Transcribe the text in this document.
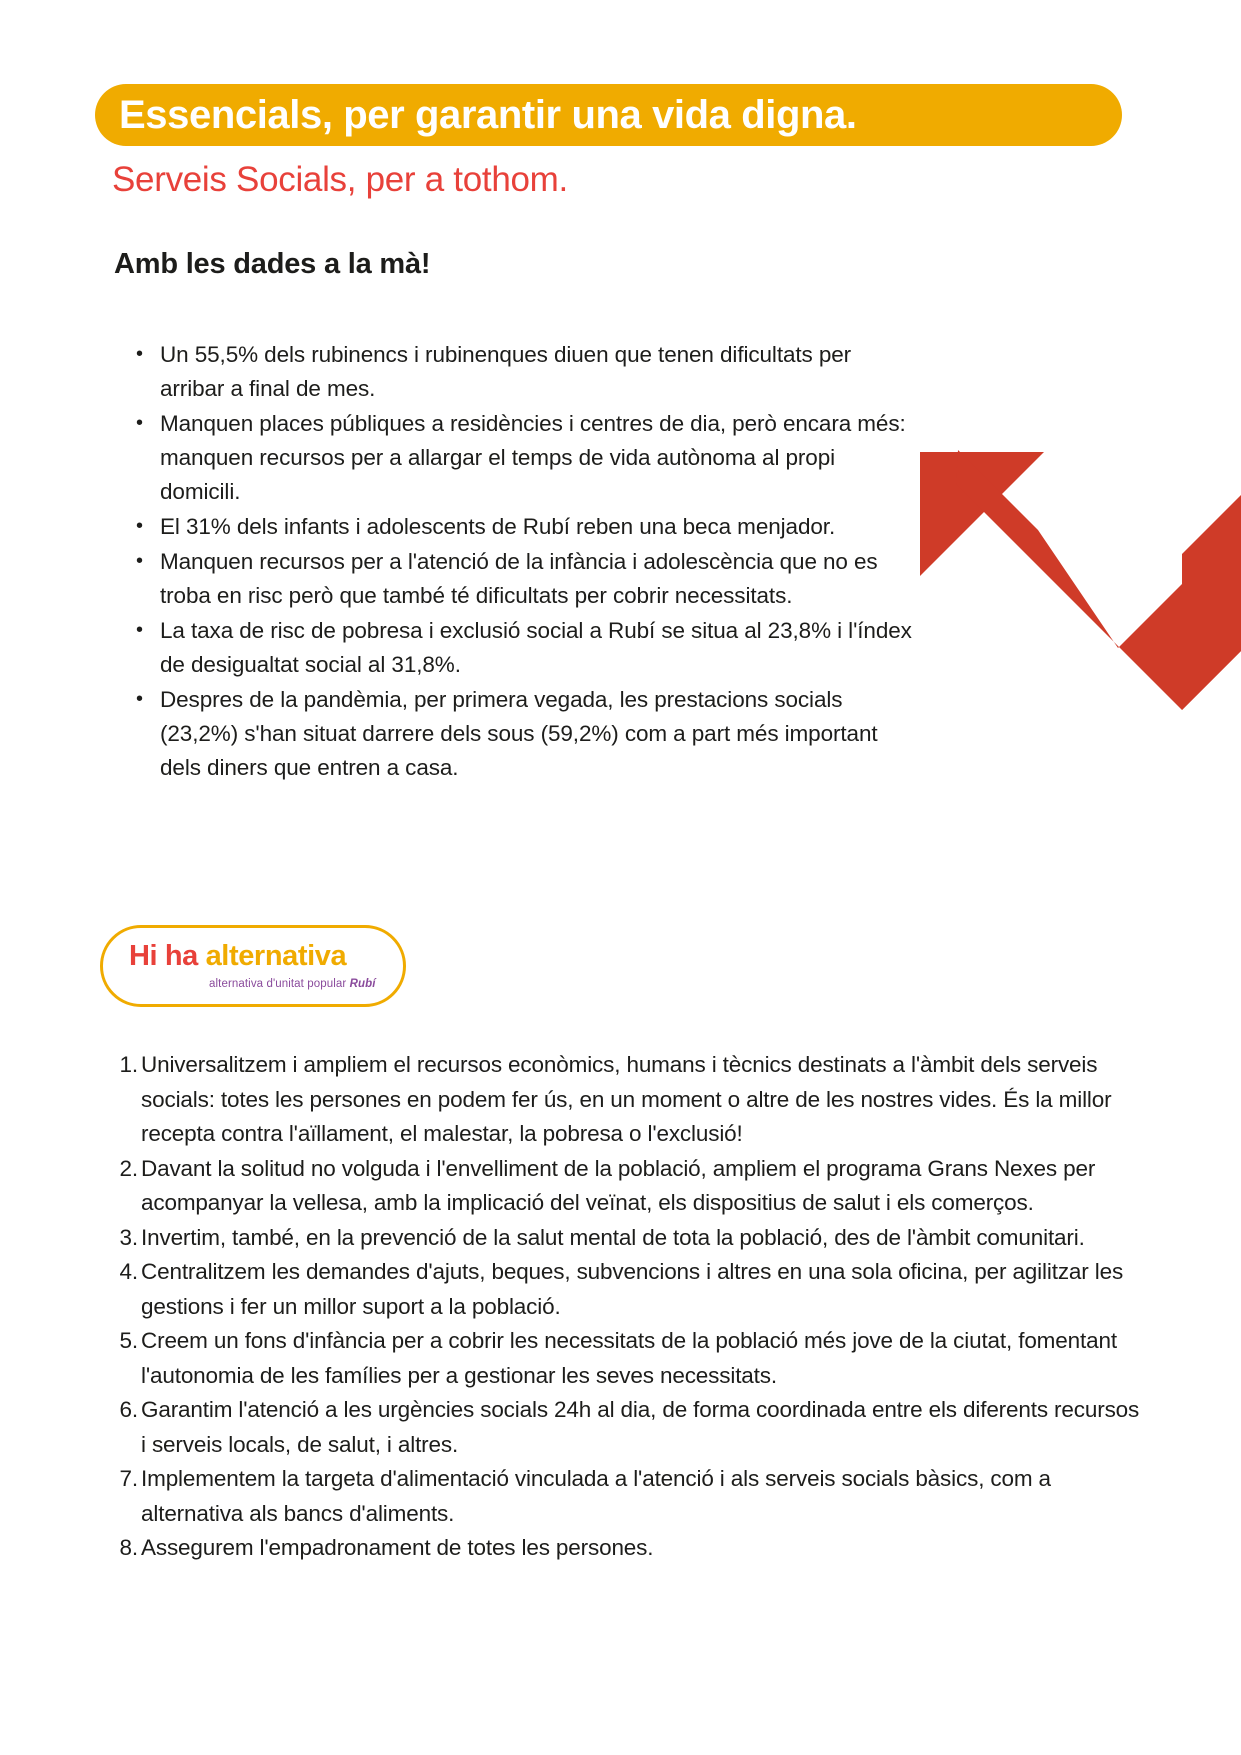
Essencials, per garantir una vida digna.
Serveis Socials, per a tothom.
Amb les dades a la mà!
• Un 55,5% dels rubinencs i rubinenques diuen que tenen dificultats per arribar a final de mes.
• Manquen places públiques a residències i centres de dia, però encara més: manquen recursos per a allargar el temps de vida autònoma al propi domicili.
• El 31% dels infants i adolescents de Rubí reben una beca menjador.
• Manquen recursos per a l'atenció de la infància i adolescència que no es troba en risc però que també té dificultats per cobrir necessitats.
• La taxa de risc de pobresa i exclusió social a Rubí se situa al 23,8% i l'índex de desigualtat social al 31,8%.
• Despres de la pandèmia, per primera vegada, les prestacions socials (23,2%) s'han situat darrere dels sous (59,2%) com a part més important dels diners que entren a casa.
Hi ha alternativa
alternativa d'unitat popular Rubí
Universalitzem i ampliem el recursos econòmics, humans i tècnics destinats a l'àmbit dels serveis socials: totes les persones en podem fer ús, en un moment o altre de les nostres vides. És la millor recepta contra l'aïllament, el malestar, la pobresa o l'exclusió!
Davant la solitud no volguda i l'envelliment de la població, ampliem el programa Grans Nexes per acompanyar la vellesa, amb la implicació del veïnat, els dispositius de salut i els comerços.
Invertim, també, en la prevenció de la salut mental de tota la població, des de l'àmbit comunitari.
Centralitzem les demandes d'ajuts, beques, subvencions i altres en una sola oficina, per agilitzar les gestions i fer un millor suport a la població.
Creem un fons d'infància per a cobrir les necessitats de la població més jove de la ciutat, fomentant l'autonomia de les famílies per a gestionar les seves necessitats.
Garantim l'atenció a les urgències socials 24h al dia, de forma coordinada entre els diferents recursos i serveis locals, de salut, i altres.
Implementem la targeta d'alimentació vinculada a l'atenció i als serveis socials bàsics, com a alternativa als bancs d'aliments.
Assegurem l'empadronament de totes les persones.
